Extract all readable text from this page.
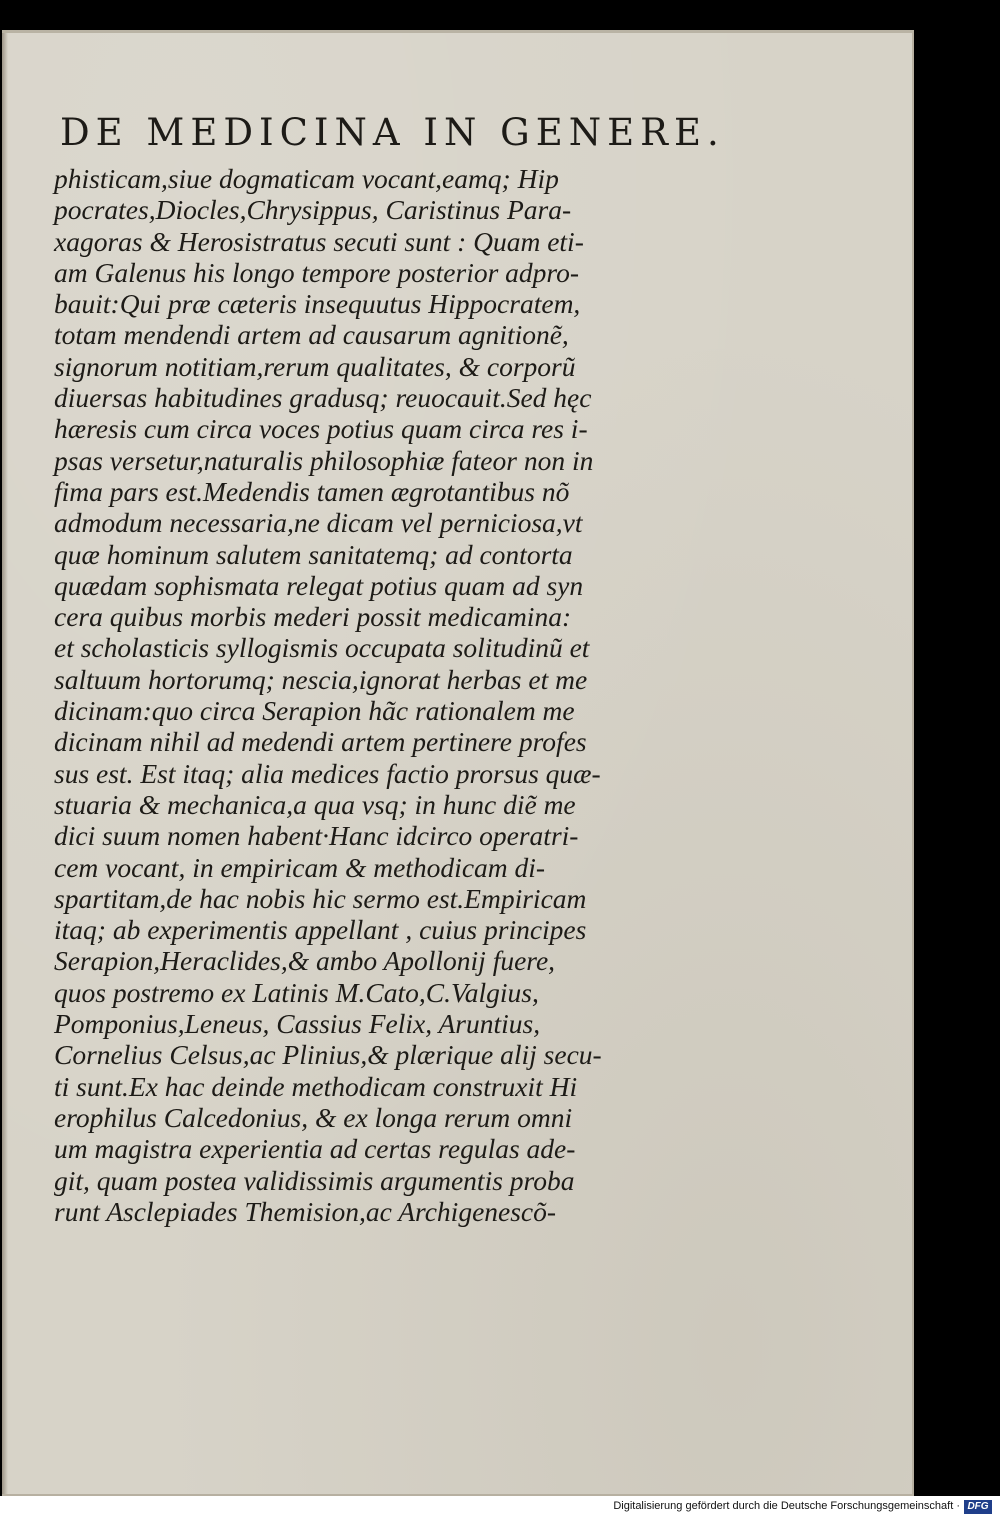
DE MEDICINA IN GENERE.
phisticam,siue dogmaticam vocant,eamq; Hip
pocrates,Diocles,Chrysippus, Caristinus Para-
xagoras & Herosistratus secuti sunt : Quam eti-
am Galenus his longo tempore posterior adpro-
bauit:Qui præ cæteris insequutus Hippocratem,
totam mendendi artem ad causarum agnitionẽ,
signorum notitiam,rerum qualitates, & corporũ
diuersas habitudines gradusq; reuocauit.Sed hęc
hæresis cum circa voces potius quam circa res i-
psas versetur,naturalis philosophiæ fateor non in
fima pars est.Medendis tamen ægrotantibus nõ
admodum necessaria,ne dicam vel perniciosa,vt
quæ hominum salutem sanitatemq; ad contorta
quædam sophismata relegat potius quam ad syn
cera quibus morbis mederi possit medicamina:
et scholasticis syllogismis occupata solitudinũ et
saltuum hortorumq; nescia,ignorat herbas et me
dicinam:quo circa Serapion hãc rationalem me
dicinam nihil ad medendi artem pertinere profes
sus est. Est itaq; alia medices factio prorsus quæ-
stuaria & mechanica,a qua vsq; in hunc diẽ me
dici suum nomen habent·Hanc idcirco operatri-
cem vocant, in empiricam & methodicam di-
spartitam,de hac nobis hic sermo est.Empiricam
itaq; ab experimentis appellant , cuius principes
Serapion,Heraclides,& ambo Apollonij fuere,
quos postremo ex Latinis M.Cato,C.Valgius,
Pomponius,Leneus, Cassius Felix, Aruntius,
Cornelius Celsus,ac Plinius,& plærique alij secu-
ti sunt.Ex hac deinde methodicam construxit Hi
erophilus Calcedonius, & ex longa rerum omni
um magistra experientia ad certas regulas ade-
git, quam postea validissimis argumentis proba
runt Asclepiades Themision,ac Archigenescõ-
Digitalisierung gefördert durch die Deutsche Forschungsgemeinschaft · DFG
